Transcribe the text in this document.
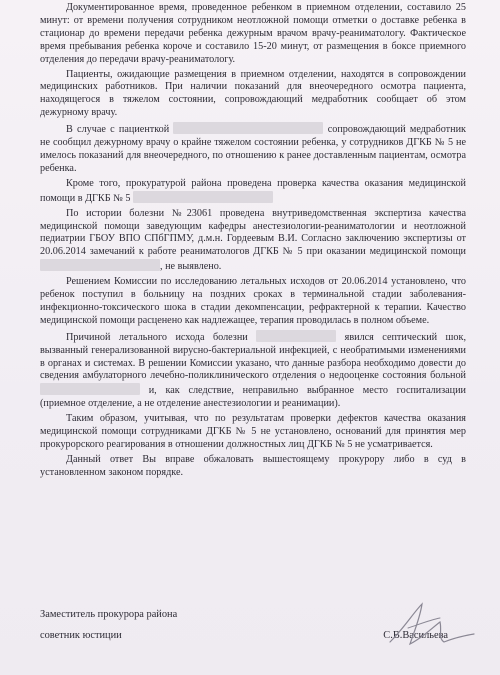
Документированное время, проведенное ребенком в приемном отделении, составило 25 минут: от времени получения сотрудником неотложной помощи отметки о доставке ребенка в стационар до времени передачи ребенка дежурным врачом врачу-реаниматологу. Фактическое время пребывания ребенка короче и составило 15-20 минут, от размещения в боксе приемного отделения до передачи врачу-реаниматологу.

Пациенты, ожидающие размещения в приемном отделении, находятся в сопровождении медицинских работников. При наличии показаний для внеочередного осмотра пациента, находящегося в тяжелом состоянии, сопровождающий медработник сообщает об этом дежурному врачу.

В случае с пациенткой	сопровождающий медработник не сообщил дежурному врачу о крайне тяжелом состоянии ребенка, у сотрудников ДГКБ № 5 не имелось показаний для внеочередного, по отношению к ранее доставленным пациентам, осмотра ребенка.

Кроме того, прокуратурой района проведена проверка качества оказания медицинской помощи в ДГКБ № 5

По истории болезни №23061 проведена внутриведомственная экспертиза качества медицинской помощи заведующим кафедры анестезиологии-реаниматологии и неотложной педиатрии ГБОУ ВПО СПбГПМУ, д.м.н. Гордеевым В.И. Согласно заключению экспертизы от 20.06.2014 замечаний к работе реаниматологов ДГКБ № 5 при оказании медицинской помощи , не выявлено.

Решением Комиссии по исследованию летальных исходов от 20.06.2014 установлено, что ребенок поступил в больницу на поздних сроках в терминальной стадии заболевания- инфекционно-токсического шока в стадии декомпенсации, рефрактерной к терапии. Качество медицинской помощи расценено как надлежащее, терапия проводилась в полном объеме.

Причиной летального исхода болезни	явился септический шок, вызванный генерализованной вирусно-бактериальной инфекцией, с необратимыми изменениями в органах и системах. В решении Комиссии указано, что данные разбора необходимо довести до сведения амбулаторного лечебно-поликлинического отделения о недооценке состояния больной  и, как следствие, неправильно выбранное место госпитализации (приемное отделение, а не отделение анестезиологии и реанимации).

Таким образом, учитывая, что по результатам проверки дефектов качества оказания медицинской помощи сотрудниками ДГКБ № 5 не установлено, оснований для принятия мер прокурорского реагирования в отношении должностных лиц ДГКБ № 5 не усматривается.

Данный ответ Вы вправе обжаловать вышестоящему прокурору либо в суд в установленном законом порядке.

Заместитель прокурора района

советник юстиции	С.В.Васильева
